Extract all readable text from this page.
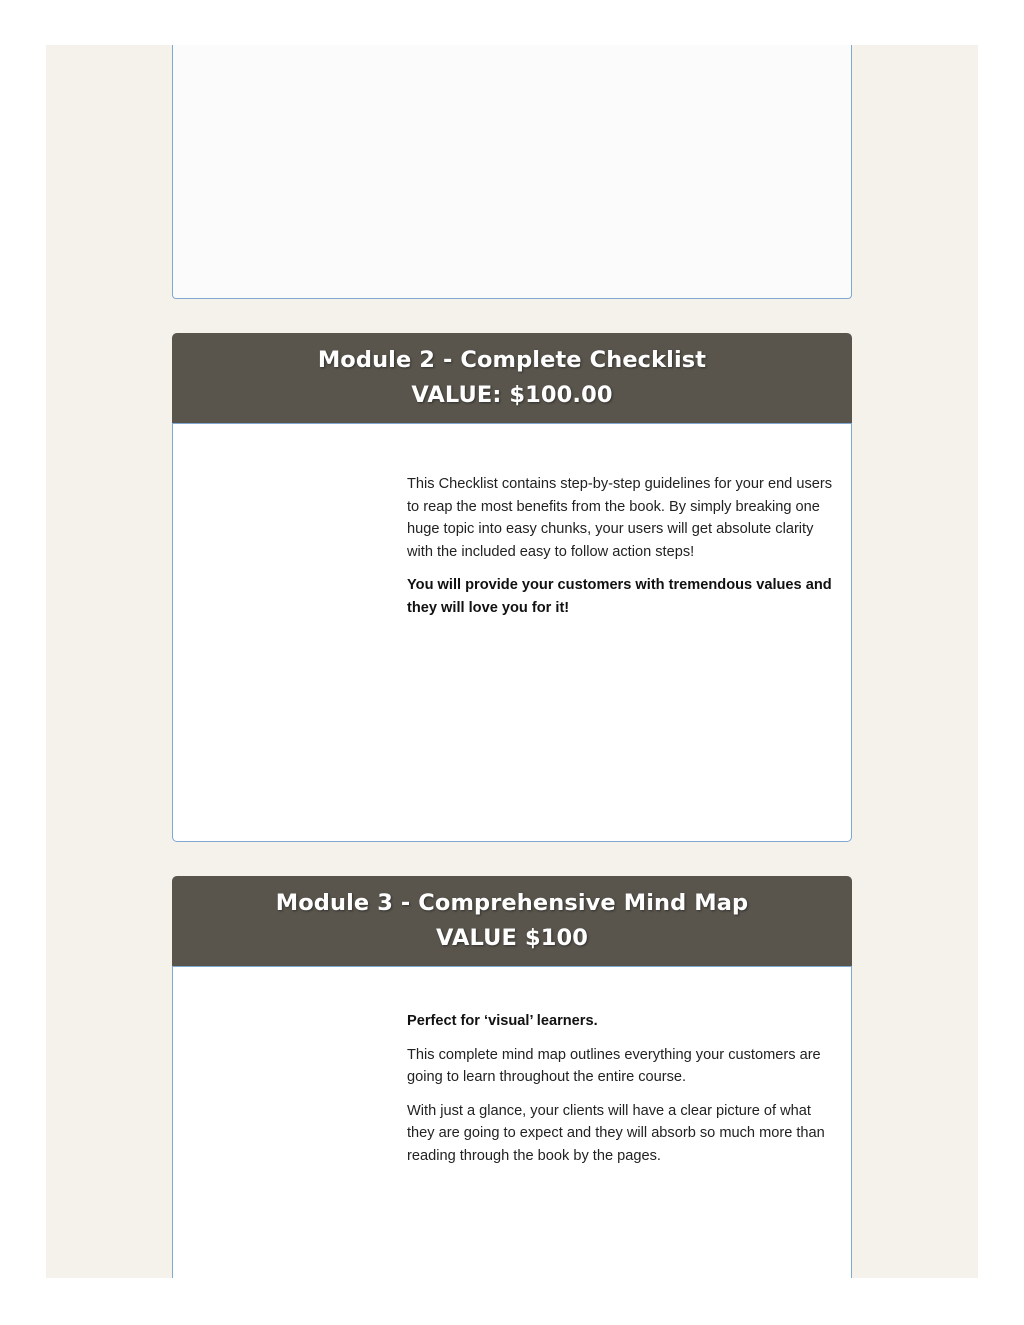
Module 2 - Complete Checklist
VALUE: $100.00

This Checklist contains step-by-step guidelines for your end users to reap the most benefits from the book. By simply breaking one huge topic into easy chunks, your users will get absolute clarity with the included easy to follow action steps!

You will provide your customers with tremendous values and they will love you for it!

Module 3 - Comprehensive Mind Map
VALUE $100

Perfect for ‘visual’ learners.

This complete mind map outlines everything your customers are going to learn throughout the entire course.

With just a glance, your clients will have a clear picture of what they are going to expect and they will absorb so much more than reading through the book by the pages.
